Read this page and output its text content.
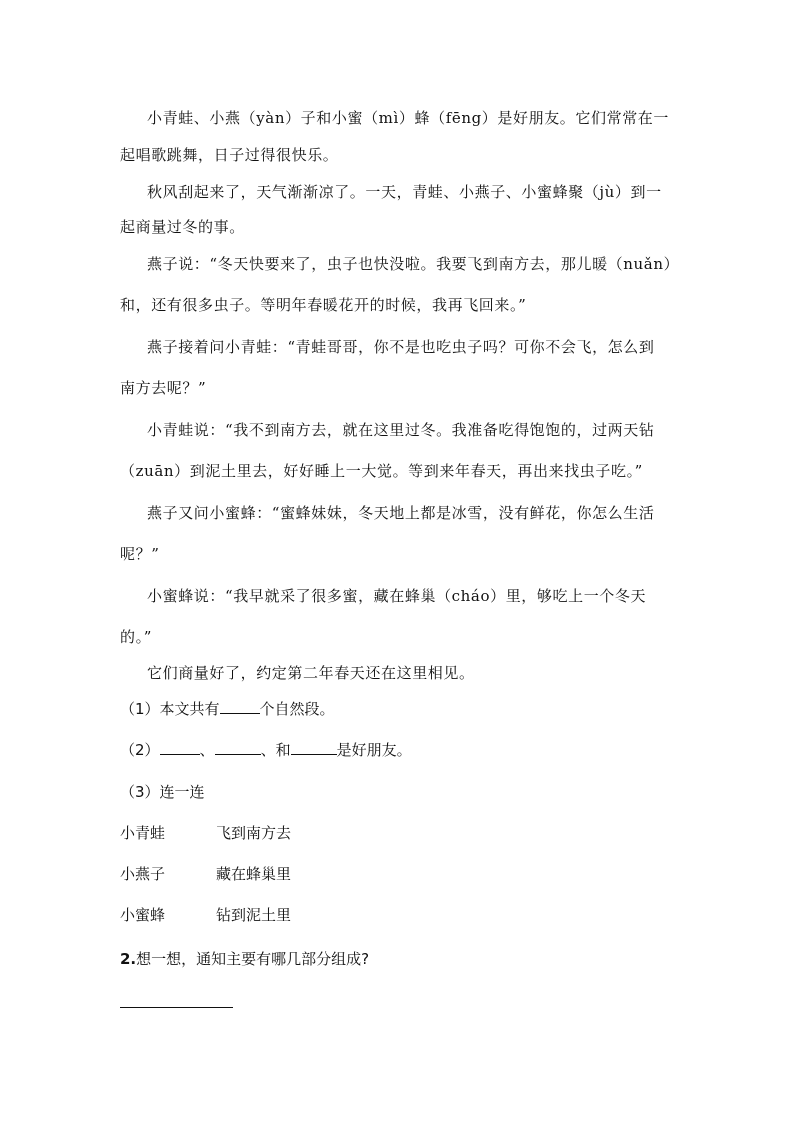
小青蛙、小燕（yàn）子和小蜜（mì）蜂（fēng）是好朋友。它们常常在一
起唱歌跳舞，日子过得很快乐。
秋风刮起来了，天气渐渐凉了。一天，青蛙、小燕子、小蜜蜂聚（jù）到一
起商量过冬的事。
燕子说：“冬天快要来了，虫子也快没啦。我要飞到南方去，那儿暖（nuǎn）
和，还有很多虫子。等明年春暖花开的时候，我再飞回来。”
燕子接着问小青蛙：“青蛙哥哥，你不是也吃虫子吗？可你不会飞，怎么到
南方去呢？”
小青蛙说：“我不到南方去，就在这里过冬。我准备吃得饱饱的，过两天钻
（zuān）到泥土里去，好好睡上一大觉。等到来年春天，再出来找虫子吃。”
燕子又问小蜜蜂：“蜜蜂妹妹，冬天地上都是冰雪，没有鲜花，你怎么生活
呢？”
小蜜蜂说：“我早就采了很多蜜，藏在蜂巢（cháo）里，够吃上一个冬天
的。”
它们商量好了，约定第二年春天还在这里相见。
（1）本文共有	个自然段。
（2）	、	、和	是好朋友。
（3）连一连
小青蛙	飞到南方去
小燕子	藏在蜂巢里
小蜜蜂	钻到泥土里
2.想一想，通知主要有哪几部分组成?
